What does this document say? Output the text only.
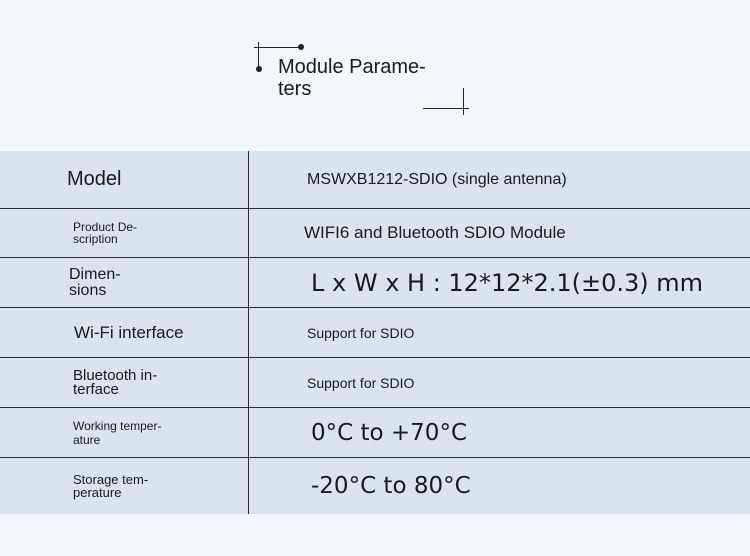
Module Parame-
ters
Model	MSWXB1212-SDIO (single antenna)
Product De-
scription	WIFI6 and Bluetooth SDIO Module
Dimen-
sions	L x W x H : 12*12*2.1(±0.3) mm
Wi-Fi interface	Support for SDIO
Bluetooth in-
terface	Support for SDIO
Working temper-
ature	0°C to +70°C
Storage tem-
perature	-20°C to 80°C
